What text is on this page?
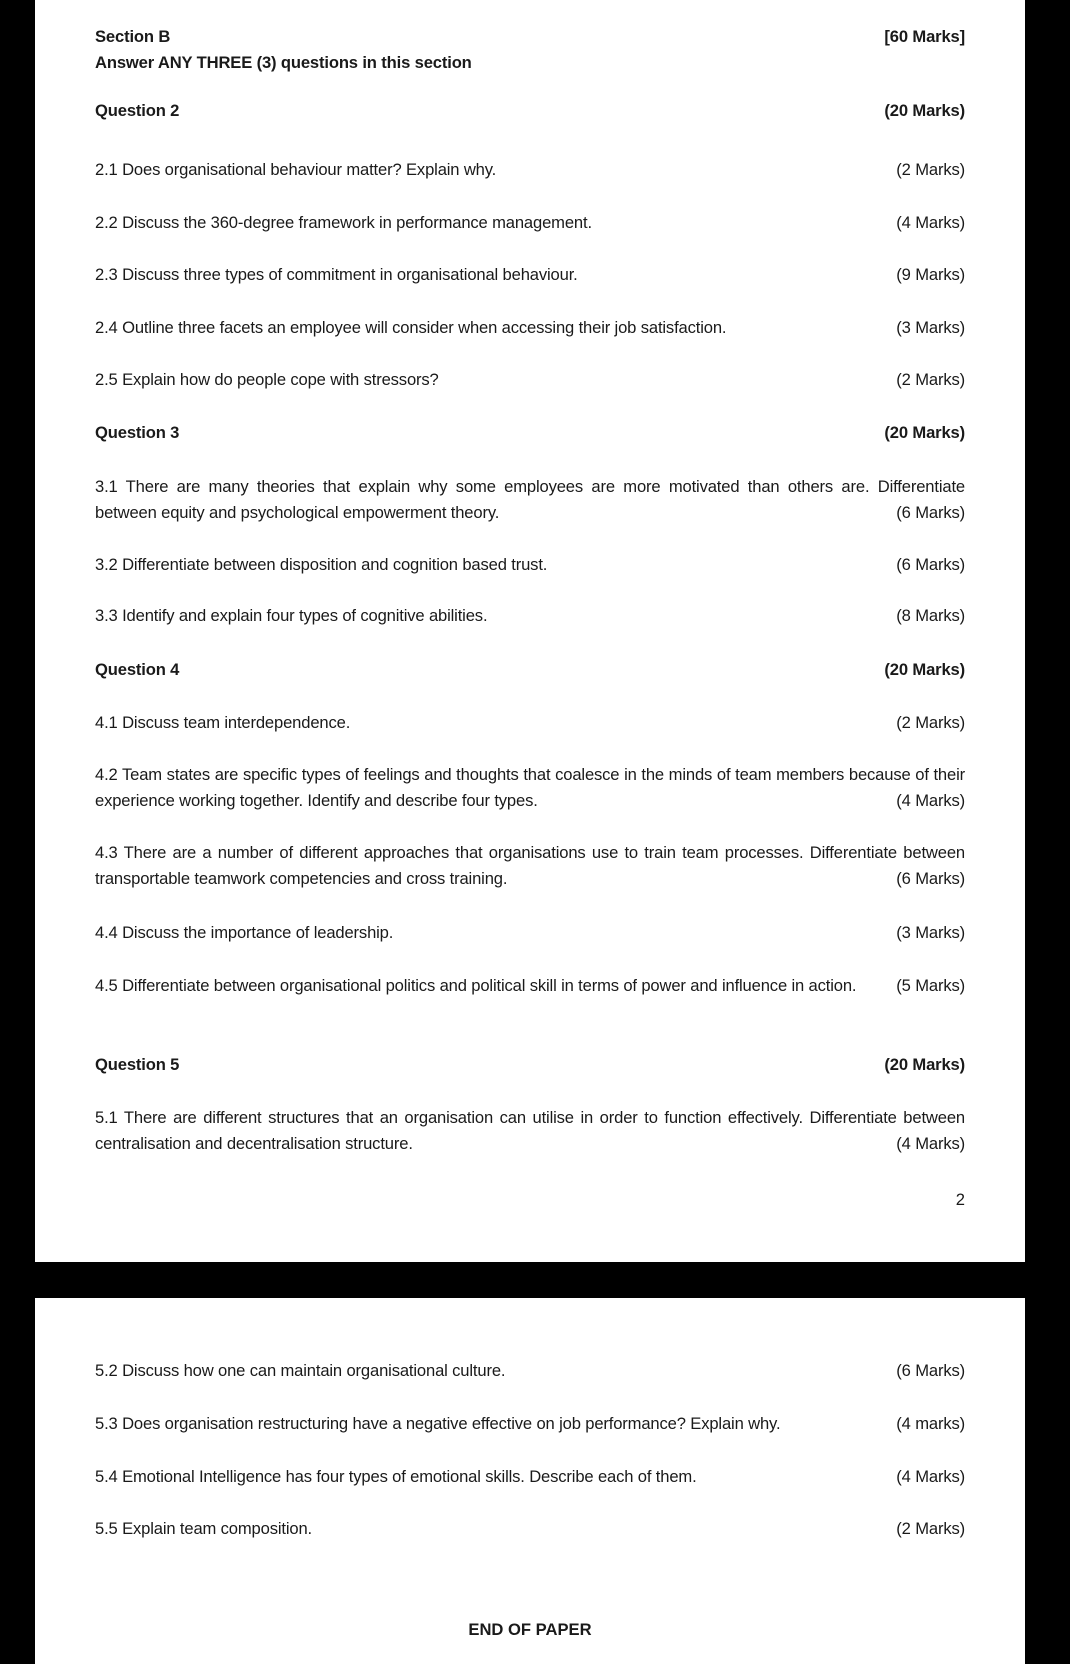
Section B	[60 Marks]
Answer ANY THREE (3) questions in this section
Question 2	(20 Marks)
2.1 Does organisational behaviour matter? Explain why.	(2 Marks)
2.2 Discuss the 360-degree framework in performance management.	(4 Marks)
2.3 Discuss three types of commitment in organisational behaviour.	(9 Marks)
2.4 Outline three facets an employee will consider when accessing their job satisfaction.	(3 Marks)
2.5 Explain how do people cope with stressors?	(2 Marks)
Question 3	(20 Marks)
3.1 There are many theories that explain why some employees are more motivated than others are. Differentiate between equity and psychological empowerment theory.	(6 Marks)
3.2 Differentiate between disposition and cognition based trust.	(6 Marks)
3.3 Identify and explain four types of cognitive abilities.	(8 Marks)
Question 4	(20 Marks)
4.1 Discuss team interdependence.	(2 Marks)
4.2 Team states are specific types of feelings and thoughts that coalesce in the minds of team members because of their experience working together. Identify and describe four types.	(4 Marks)
4.3 There are a number of different approaches that organisations use to train team processes. Differentiate between transportable teamwork competencies and cross training.	(6 Marks)
4.4 Discuss the importance of leadership.	(3 Marks)
4.5 Differentiate between organisational politics and political skill in terms of power and influence in action.	(5 Marks)
Question 5	(20 Marks)
5.1 There are different structures that an organisation can utilise in order to function effectively. Differentiate between centralisation and decentralisation structure.	(4 Marks)
2
5.2 Discuss how one can maintain organisational culture.	(6 Marks)
5.3 Does organisation restructuring have a negative effective on job performance? Explain why.	(4 marks)
5.4 Emotional Intelligence has four types of emotional skills. Describe each of them.	(4 Marks)
5.5 Explain team composition.	(2 Marks)
END OF PAPER
